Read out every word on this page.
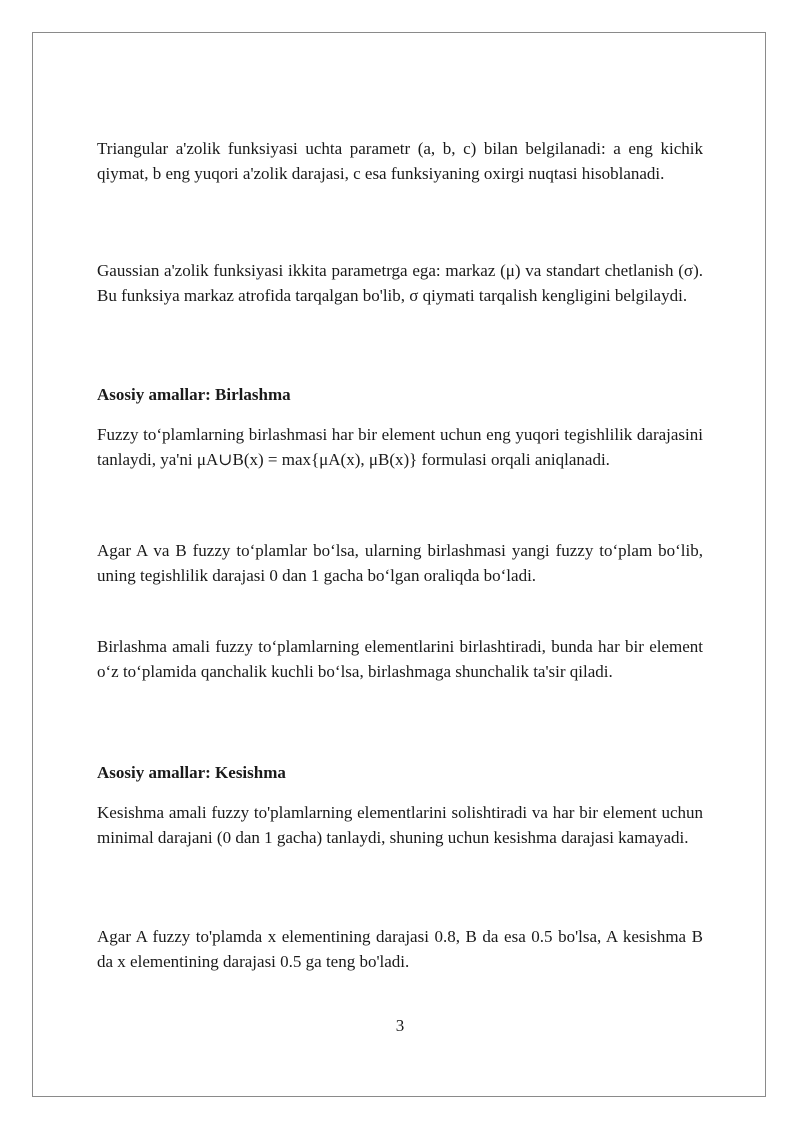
Triangular a'zolik funksiyasi uchta parametr (a, b, c) bilan belgilanadi: a eng kichik qiymat, b eng yuqori a'zolik darajasi, c esa funksiyaning oxirgi nuqtasi hisoblanadi.

Gaussian a'zolik funksiyasi ikkita parametrga ega: markaz (μ) va standart chetlanish (σ). Bu funksiya markaz atrofida tarqalgan bo'lib, σ qiymati tarqalish kengligini belgilaydi.

Asosiy amallar: Birlashma

Fuzzy to‘plamlarning birlashmasi har bir element uchun eng yuqori tegishlilik darajasini tanlaydi, ya'ni μA∪B(x) = max{μA(x), μB(x)} formulasi orqali aniqlanadi.

Agar A va B fuzzy to‘plamlar bo‘lsa, ularning birlashmasi yangi fuzzy to‘plam bo‘lib, uning tegishlilik darajasi 0 dan 1 gacha bo‘lgan oraliqda bo‘ladi.

Birlashma amali fuzzy to‘plamlarning elementlarini birlashtiradi, bunda har bir element o‘z to‘plamida qanchalik kuchli bo‘lsa, birlashmaga shunchalik ta'sir qiladi.

Asosiy amallar: Kesishma

Kesishma amali fuzzy to'plamlarning elementlarini solishtiradi va har bir element uchun minimal darajani (0 dan 1 gacha) tanlaydi, shuning uchun kesishma darajasi kamayadi.

Agar A fuzzy to'plamda x elementining darajasi 0.8, B da esa 0.5 bo'lsa, A kesishma B da x elementining darajasi 0.5 ga teng bo'ladi.

3
